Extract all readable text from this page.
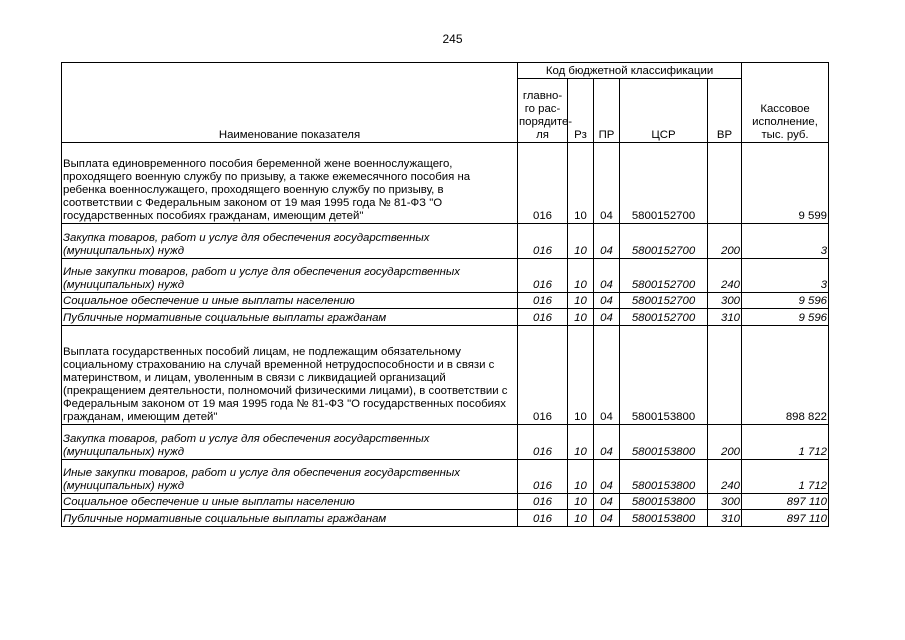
245
Наименование показателя	Код бюджетной классификации					Кассовое исполнение, тыс. руб.
	главно-го рас-порядите-ля	Рз	ПР	ЦСР	ВР	
Выплата единовременного пособия беременной жене военнослужащего, проходящего военную службу по призыву, а также ежемесячного пособия на ребенка военнослужащего, проходящего военную службу по призыву, в соответствии с Федеральным законом от 19 мая 1995 года № 81-ФЗ "О государственных пособиях гражданам, имеющим детей"	016	10	04	5800152700		9 599
Закупка товаров, работ и услуг для обеспечения государственных (муниципальных) нужд	016	10	04	5800152700	200	3
Иные закупки товаров, работ и услуг для обеспечения государственных (муниципальных) нужд	016	10	04	5800152700	240	3
Социальное обеспечение и иные выплаты населению	016	10	04	5800152700	300	9 596
Публичные нормативные социальные выплаты гражданам	016	10	04	5800152700	310	9 596
Выплата государственных пособий лицам, не подлежащим обязательному социальному страхованию на случай временной нетрудоспособности и в связи с материнством, и лицам, уволенным в связи с ликвидацией организаций (прекращением деятельности, полномочий физическими лицами), в соответствии с Федеральным законом от 19 мая 1995 года № 81-ФЗ "О государственных пособиях гражданам, имеющим детей"	016	10	04	5800153800		898 822
Закупка товаров, работ и услуг для обеспечения государственных (муниципальных) нужд	016	10	04	5800153800	200	1 712
Иные закупки товаров, работ и услуг для обеспечения государственных (муниципальных) нужд	016	10	04	5800153800	240	1 712
Социальное обеспечение и иные выплаты населению	016	10	04	5800153800	300	897 110
Публичные нормативные социальные выплаты гражданам	016	10	04	5800153800	310	897 110
